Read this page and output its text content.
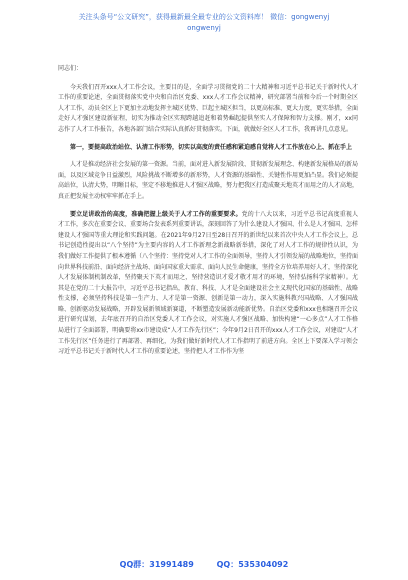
关注头条号“公文研究”，获得最新最全最专业的公文资料库！ 微信：gongwenyj
ongwenyj

同志们：

今天我们召开xxx人才工作会议，主要目的是，全面学习贯彻党的二十大精神和习近平总书记关于新时代人才工作的重要论述，全面贯彻落实党中央和自治区党委、xxx人才工作会议精神，研究部署当前和今后一个时期全区人才工作，动员全区上下更加主动地发挥主城区优势、巨起主城区担当，以更高标准、更大力度，更实举措，全面走好人才强区建设新征程，切实为推动全区实现跨越追赶和着势崛起提供坚实人才保障和智力支撑。刚才，xx同志作了人才工作报告，各地各部门结合实际认真抓好贯彻落实。下面，就做好全区人才工作，我再讲几点意见。

第一，要提高政治站位、认清工作形势，切实以高度的责任感和紧迫感自觉将人才工作放在心上、抓在手上

人才是推动经济社会发展的第一资源。当前，面对进入新发展阶段、贯彻新发展理念、构建新发展格局的新局面，以及区域竞争日益激烈，风险挑战不断增多的新形势，人才资源的基础性、关键性作用更加凸显。我们必须提高站位，认清大势，明晰目标，坚定不移地推进人才强区战略，努力把我区打造成聚天地英才而用之的人才高地，真正把发展主动权牢牢抓在手上。

要立足讲政治的高度，准确把握上级关于人才工作的重要要求。党的十八大以来，习近平总书记高度重视人才工作，多次在重要会议、重要场合发表系列重要讲话，深刻回答了为什么建设人才强国、什么是人才强国、怎样建设人才强国等重大理论和实践问题。在2021年9月27日至28日召开的新世纪以来首次中央人才工作会议上，总书记创造性提出以“八个坚持”为主要内容的人才工作新理念新战略新举措，深化了对人才工作的规律性认识，为我们做好工作提供了根本遵循（八个坚持：坚持党对人才工作的全面领导，坚持人才引领发展的战略地位，坚持面向世界科技前沿、面向经济主战场、面向国家重大需求、面向人民生命健康，坚持全方位培养用好人才，坚持深化人才发展体制机制改革，坚持聚天下英才而用之，坚持营造识才爱才敬才用才的环境，坚持弘扬科学家精神）。尤其是在党的二十大报告中，习近平总书记指出，教育、科技、人才是全面建设社会主义现代化国家的基础性、战略性支撑，必须坚持科技是第一生产力、人才是第一资源、创新是第一动力，深入实施科教兴国战略、人才强国战略、创新驱动发展战略，开辟发展新领域新赛道，不断塑造发展新动能新优势。自治区党委和xxx也相继召开会议进行研究谋划，去年底召开的自治区党委人才工作会议，对实施人才强区战略、加快构建“一心多点”人才工作格局进行了全面部署，明确要将xx市建设成“人才工作先行区”；今年9月2日召开的xxx人才工作会议，对建设“人才工作先行区”任务进行了再部署、再细化，为我们做好新时代人才工作指明了前进方向。全区上下要深入学习领会习近平总书记关于新时代人才工作的重要论述，坚持把人才工作作为坚

QQ群：31991489	QQ：535304092
